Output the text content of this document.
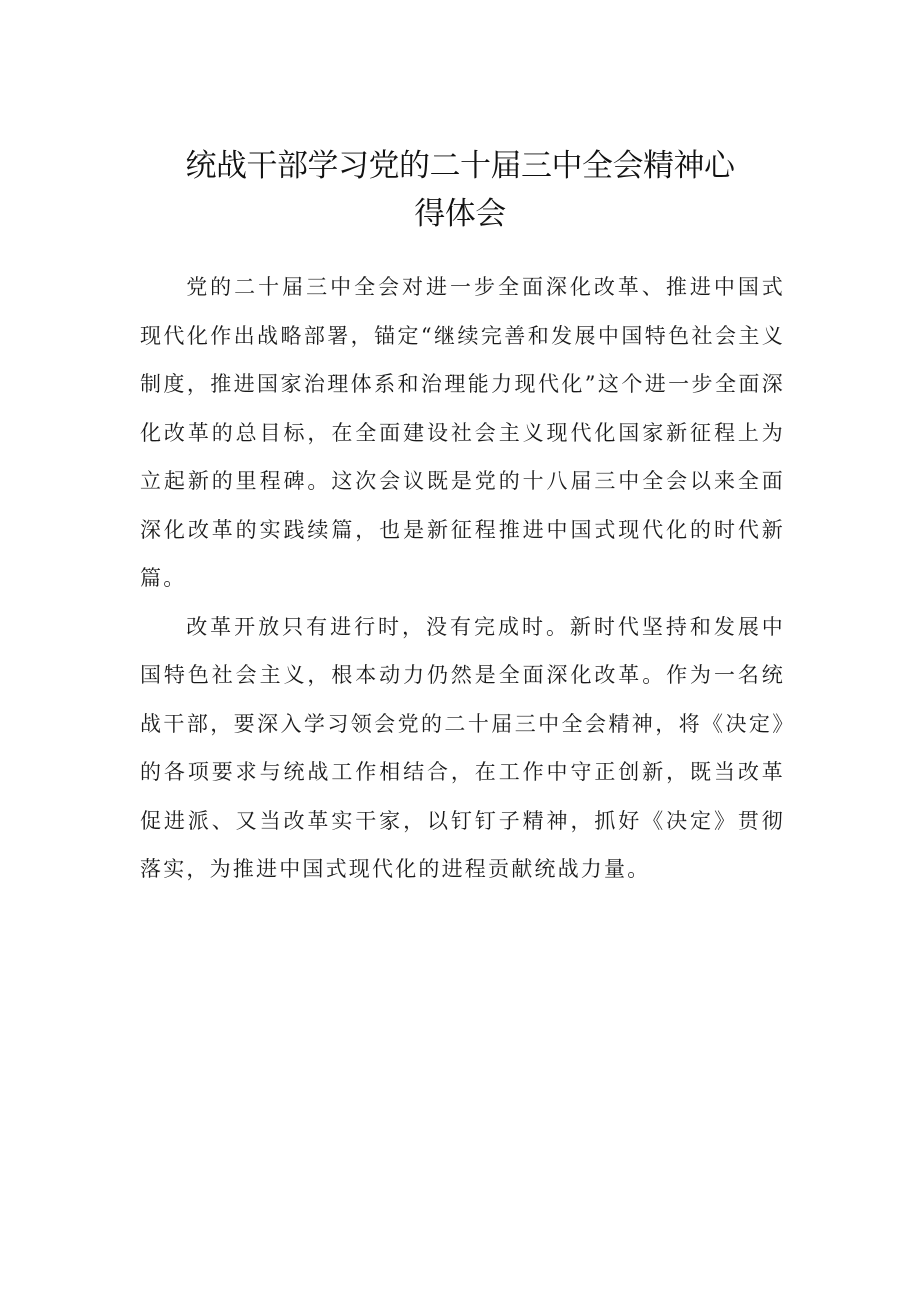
统战干部学习党的二十届三中全会精神心
得体会

党的二十届三中全会对进一步全面深化改革、推进中国式现代化作出战略部署，锚定“继续完善和发展中国特色社会主义制度，推进国家治理体系和治理能力现代化”这个进一步全面深化改革的总目标，在全面建设社会主义现代化国家新征程上为立起新的里程碑。这次会议既是党的十八届三中全会以来全面深化改革的实践续篇，也是新征程推进中国式现代化的时代新篇。

改革开放只有进行时，没有完成时。新时代坚持和发展中国特色社会主义，根本动力仍然是全面深化改革。作为一名统战干部，要深入学习领会党的二十届三中全会精神，将《决定》的各项要求与统战工作相结合，在工作中守正创新，既当改革促进派、又当改革实干家，以钉钉子精神，抓好《决定》贯彻落实，为推进中国式现代化的进程贡献统战力量。
